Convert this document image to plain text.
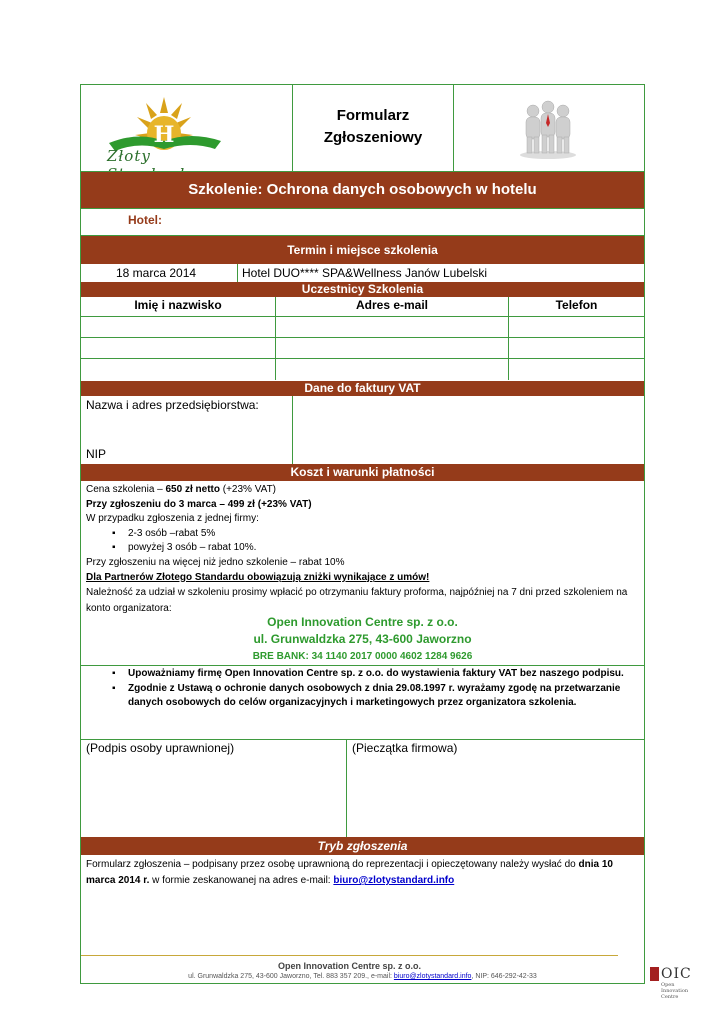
H
Złoty
Formularz
Zgłoszeniowy
Szkolenie: Ochrona danych osobowych w hotelu
Hotel:
Termin i miejsce szkolenia
18 marca 2014	Hotel DUO**** SPA&Wellness Janów Lubelski
Uczestnicy Szkolenia
Imię i nazwisko	Adres e-mail	Telefon
Dane do faktury VAT
Nazwa i adres przedsiębiorstwa:
NIP
Koszt i warunki płatności
Cena szkolenia – 650 zł netto (+23% VAT)
Przy zgłoszeniu do 3 marca – 499 zł (+23% VAT)
W przypadku zgłoszenia z jednej firmy:
▪ 2-3 osób –rabat 5%
▪ powyżej 3 osób – rabat 10%.
Przy zgłoszeniu na więcej niż jedno szkolenie – rabat 10%
Dla Partnerów Złotego Standardu obowiązują zniżki wynikające z umów!
Należność za udział w szkoleniu prosimy wpłacić po otrzymaniu faktury proforma, najpóźniej na 7 dni przed szkoleniem na konto organizatora:
Open Innovation Centre sp. z o.o.
ul. Grunwaldzka 275, 43-600 Jaworzno
BRE BANK: 34 1140 2017 0000 4602 1284 9626
▪ Upoważniamy firmę Open Innovation Centre sp. z o.o. do wystawienia faktury VAT bez naszego podpisu.
▪ Zgodnie z Ustawą o ochronie danych osobowych z dnia 29.08.1997 r. wyrażamy zgodę na przetwarzanie danych osobowych do celów organizacyjnych i marketingowych przez organizatora szkolenia.
(Podpis osoby uprawnionej)	(Pieczątka firmowa)
Tryb zgłoszenia
Formularz zgłoszenia – podpisany przez osobę uprawnioną do reprezentacji i opieczętowany należy wysłać do dnia 10 marca 2014 r. w formie zeskanowanej na adres e-mail: biuro@zlotystandard.info
Open Innovation Centre sp. z o.o.
ul. Grunwaldzka 275, 43-600 Jaworzno, Tel. 883 357 209., e-mail: biuro@zlotystandard.info, NIP: 646-292-42-33	OIC
Open
Innovation
Centre
